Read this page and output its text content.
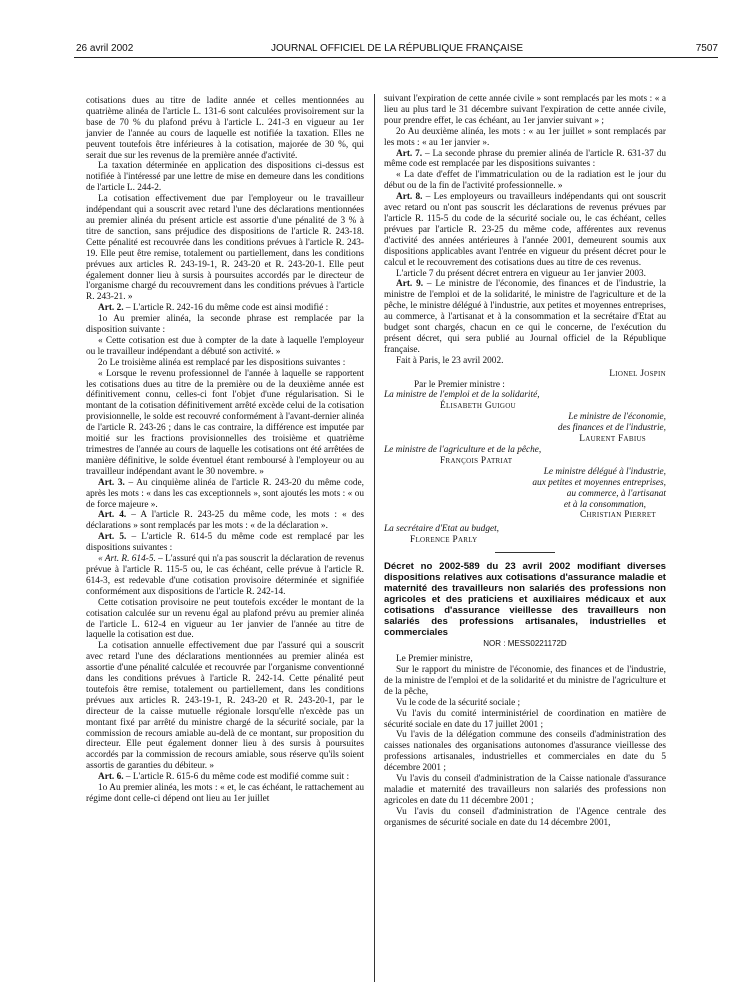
26 avril 2002	JOURNAL OFFICIEL DE LA RÉPUBLIQUE FRANÇAISE	7507

cotisations dues au titre de ladite année et celles mentionnées au quatrième alinéa de l'article L. 131-6 sont calculées provisoirement sur la base de 70 % du plafond prévu à l'article L. 241-3 en vigueur au 1er janvier de l'année au cours de laquelle est notifiée la taxation. Elles ne peuvent toutefois être inférieures à la cotisation, majorée de 30 %, qui serait due sur les revenus de la première année d'activité.

La taxation déterminée en application des dispositions ci-dessus est notifiée à l'intéressé par une lettre de mise en demeure dans les conditions de l'article L. 244-2.

La cotisation effectivement due par l'employeur ou le travailleur indépendant qui a souscrit avec retard l'une des déclarations mentionnées au premier alinéa du présent article est assortie d'une pénalité de 3 % à titre de sanction, sans préjudice des dispositions de l'article R. 243-18. Cette pénalité est recouvrée dans les conditions prévues à l'article R. 243-19. Elle peut être remise, totalement ou partiellement, dans les conditions prévues aux articles R. 243-19-1, R. 243-20 et R. 243-20-1. Elle peut également donner lieu à sursis à poursuites accordés par le directeur de l'organisme chargé du recouvrement dans les conditions prévues à l'article R. 243-21. »

Art. 2. – L'article R. 242-16 du même code est ainsi modifié :

1o Au premier alinéa, la seconde phrase est remplacée par la disposition suivante :

« Cette cotisation est due à compter de la date à laquelle l'employeur ou le travailleur indépendant a débuté son activité. »

2o Le troisième alinéa est remplacé par les dispositions suivantes :

« Lorsque le revenu professionnel de l'année à laquelle se rapportent les cotisations dues au titre de la première ou de la deuxième année est définitivement connu, celles-ci font l'objet d'une régularisation. Si le montant de la cotisation définitivement arrêté excède celui de la cotisation provisionnelle, le solde est recouvré conformément à l'avant-dernier alinéa de l'article R. 243-26 ; dans le cas contraire, la différence est imputée par moitié sur les fractions provisionnelles des troisième et quatrième trimestres de l'année au cours de laquelle les cotisations ont été arrêtées de manière définitive, le solde éventuel étant remboursé à l'employeur ou au travailleur indépendant avant le 30 novembre. »

Art. 3. – Au cinquième alinéa de l'article R. 243-20 du même code, après les mots : « dans les cas exceptionnels », sont ajoutés les mots : « ou de force majeure ».

Art. 4. – A l'article R. 243-25 du même code, les mots : « des déclarations » sont remplacés par les mots : « de la déclaration ».

Art. 5. – L'article R. 614-5 du même code est remplacé par les dispositions suivantes :

« Art. R. 614-5. – L'assuré qui n'a pas souscrit la déclaration de revenus prévue à l'article R. 115-5 ou, le cas échéant, celle prévue à l'article R. 614-3, est redevable d'une cotisation provisoire déterminée et signifiée conformément aux dispositions de l'article R. 242-14.

Cette cotisation provisoire ne peut toutefois excéder le montant de la cotisation calculée sur un revenu égal au plafond prévu au premier alinéa de l'article L. 612-4 en vigueur au 1er janvier de l'année au titre de laquelle la cotisation est due.

La cotisation annuelle effectivement due par l'assuré qui a souscrit avec retard l'une des déclarations mentionnées au premier alinéa est assortie d'une pénalité calculée et recouvrée par l'organisme conventionné dans les conditions prévues à l'article R. 242-14. Cette pénalité peut toutefois être remise, totalement ou partiellement, dans les conditions prévues aux articles R. 243-19-1, R. 243-20 et R. 243-20-1, par le directeur de la caisse mutuelle régionale lorsqu'elle n'excède pas un montant fixé par arrêté du ministre chargé de la sécurité sociale, par la commission de recours amiable au-delà de ce montant, sur proposition du directeur. Elle peut également donner lieu à des sursis à poursuites accordés par la commission de recours amiable, sous réserve qu'ils soient assortis de garanties du débiteur. »

Art. 6. – L'article R. 615-6 du même code est modifié comme suit :

1o Au premier alinéa, les mots : « et, le cas échéant, le rattachement au régime dont celle-ci dépend ont lieu au 1er juillet

suivant l'expiration de cette année civile » sont remplacés par les mots : « a lieu au plus tard le 31 décembre suivant l'expiration de cette année civile, pour prendre effet, le cas échéant, au 1er janvier suivant » ;

2o Au deuxième alinéa, les mots : « au 1er juillet » sont remplacés par les mots : « au 1er janvier ».

Art. 7. – La seconde phrase du premier alinéa de l'article R. 631-37 du même code est remplacée par les dispositions suivantes :

« La date d'effet de l'immatriculation ou de la radiation est le jour du début ou de la fin de l'activité professionnelle. »

Art. 8. – Les employeurs ou travailleurs indépendants qui ont souscrit avec retard ou n'ont pas souscrit les déclarations de revenus prévues par l'article R. 115-5 du code de la sécurité sociale ou, le cas échéant, celles prévues par l'article R. 23-25 du même code, afférentes aux revenus d'activité des années antérieures à l'année 2001, demeurent soumis aux dispositions applicables avant l'entrée en vigueur du présent décret pour le calcul et le recouvrement des cotisations dues au titre de ces revenus.

L'article 7 du présent décret entrera en vigueur au 1er janvier 2003.

Art. 9. – Le ministre de l'économie, des finances et de l'industrie, la ministre de l'emploi et de la solidarité, le ministre de l'agriculture et de la pêche, le ministre délégué à l'industrie, aux petites et moyennes entreprises, au commerce, à l'artisanat et à la consommation et la secrétaire d'Etat au budget sont chargés, chacun en ce qui le concerne, de l'exécution du présent décret, qui sera publié au Journal officiel de la République française.

Fait à Paris, le 23 avril 2002.

Lionel Jospin

Par le Premier ministre :

La ministre de l'emploi et de la solidarité,

Élisabeth Guigou

Le ministre de l'économie,

des finances et de l'industrie,

Laurent Fabius

Le ministre de l'agriculture et de la pêche,

François Patriat

Le ministre délégué à l'industrie,

aux petites et moyennes entreprises,

au commerce, à l'artisanat

et à la consommation,

Christian Pierret

La secrétaire d'Etat au budget,

Florence Parly

Décret no 2002-589 du 23 avril 2002 modifiant diverses dispositions relatives aux cotisations d'assurance maladie et maternité des travailleurs non salariés des professions non agricoles et des praticiens et auxiliaires médicaux et aux cotisations d'assurance vieillesse des travailleurs non salariés des professions artisanales, industrielles et commerciales

NOR : MESS0221172D

Le Premier ministre,

Sur le rapport du ministre de l'économie, des finances et de l'industrie, de la ministre de l'emploi et de la solidarité et du ministre de l'agriculture et de la pêche,

Vu le code de la sécurité sociale ;

Vu l'avis du comité interministériel de coordination en matière de sécurité sociale en date du 17 juillet 2001 ;

Vu l'avis de la délégation commune des conseils d'administration des caisses nationales des organisations autonomes d'assurance vieillesse des professions artisanales, industrielles et commerciales en date du 5 décembre 2001 ;

Vu l'avis du conseil d'administration de la Caisse nationale d'assurance maladie et maternité des travailleurs non salariés des professions non agricoles en date du 11 décembre 2001 ;

Vu l'avis du conseil d'administration de l'Agence centrale des organismes de sécurité sociale en date du 14 décembre 2001,
